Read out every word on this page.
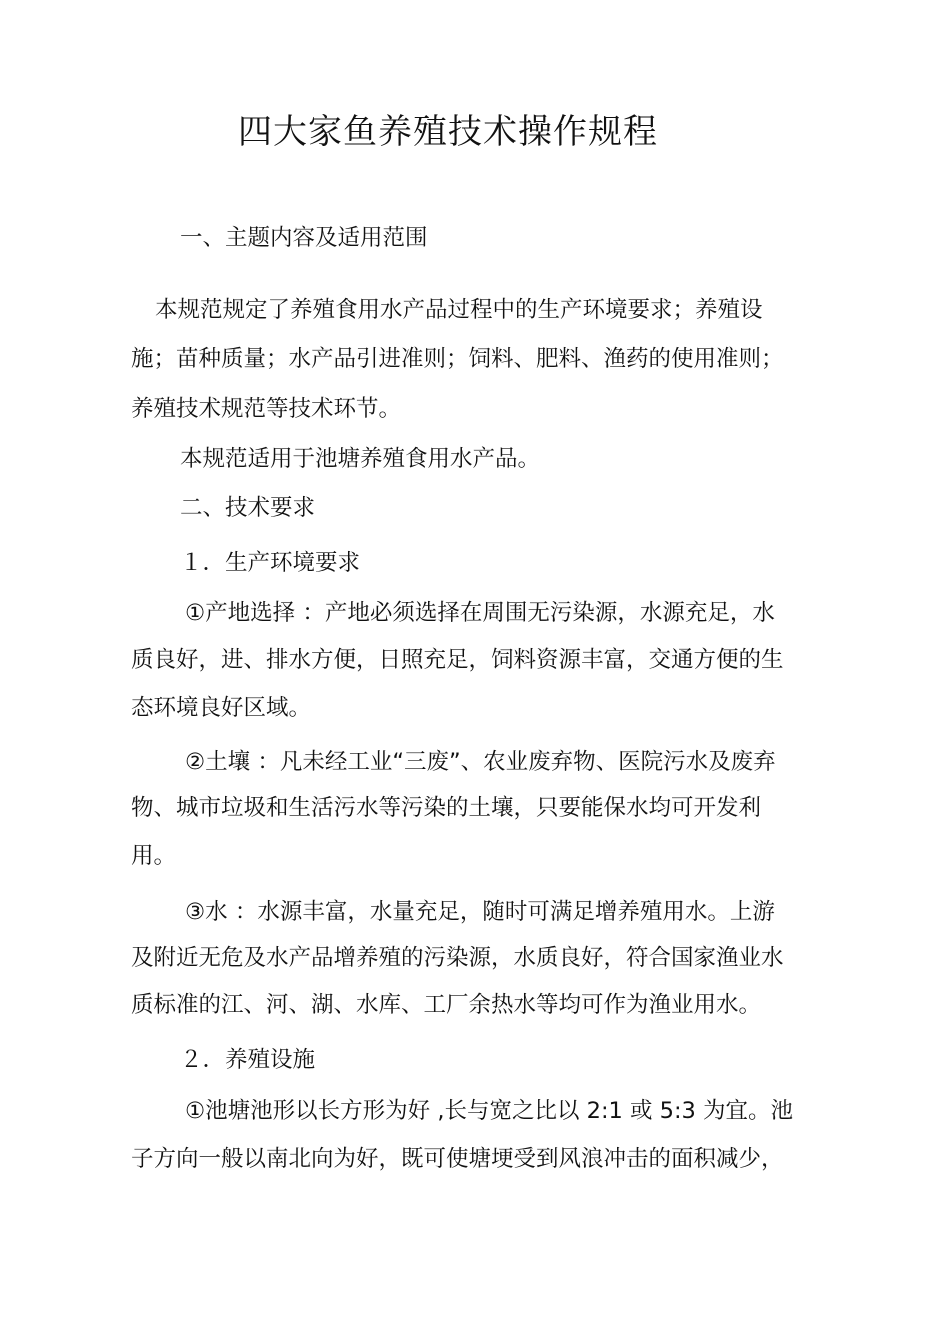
四大家鱼养殖技术操作规程
一、主题内容及适用范围
本规范规定了养殖食用水产品过程中的生产环境要求；养殖设
施；苗种质量；水产品引进准则；饲料、肥料、渔药的使用准则；
养殖技术规范等技术环节。
本规范适用于池塘养殖食用水产品。
二、技术要求
１．生产环境要求
①产地选择 ：产地必须选择在周围无污染源，水源充足，水
质良好，进、排水方便，日照充足，饲料资源丰富，交通方便的生
态环境良好区域。
②土壤 ：凡未经工业“三废”、农业废弃物、医院污水及废弃
物、城市垃圾和生活污水等污染的土壤，只要能保水均可开发利
用。
③水 ：水源丰富，水量充足，随时可满足增养殖用水。上游
及附近无危及水产品增养殖的污染源，水质良好，符合国家渔业水
质标准的江、河、湖、水库、工厂余热水等均可作为渔业用水。
２．养殖设施
①池塘池形以长方形为好 ,长与宽之比以 2:1 或 5:3 为宜。池
子方向一般以南北向为好，既可使塘埂受到风浪冲击的面积减少，
